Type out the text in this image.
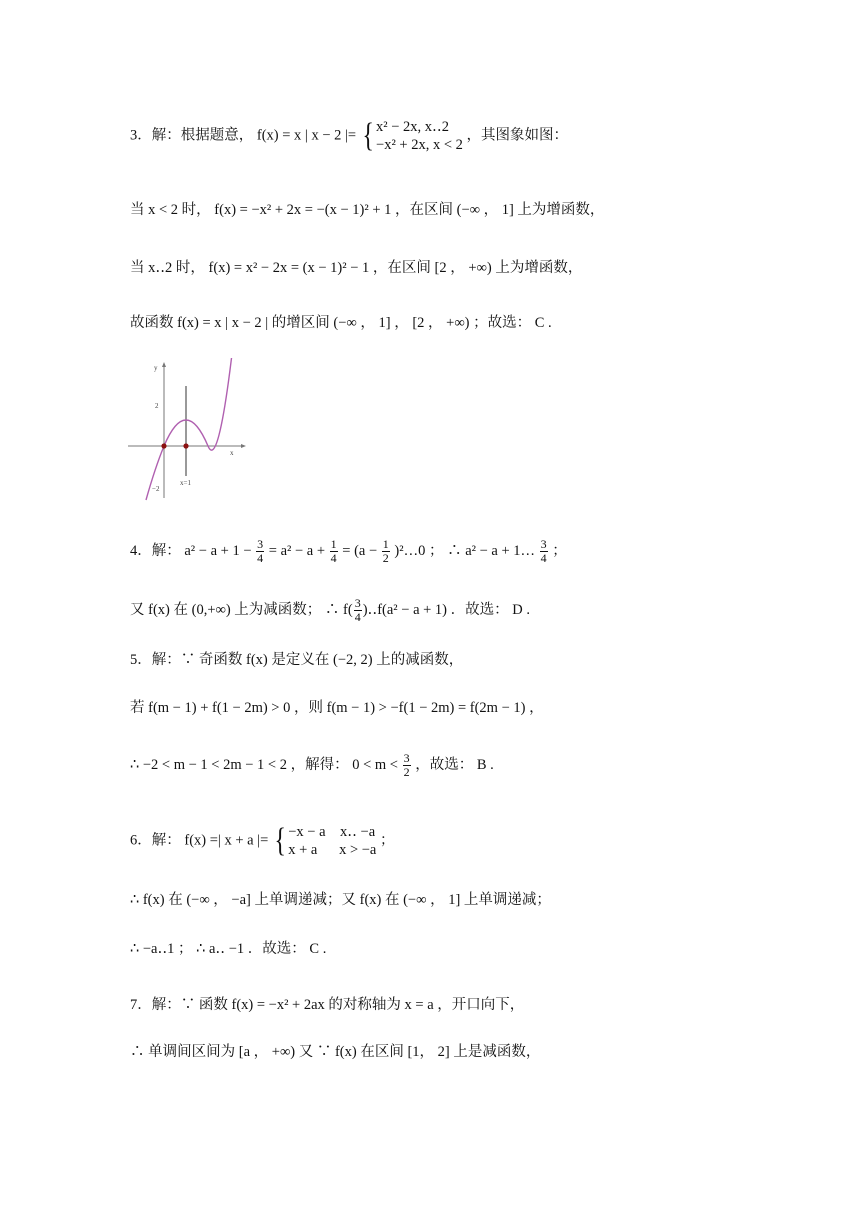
3．解：根据题意， f(x) = x | x − 2 |= { x² − 2x, x‥2
−x² + 2x, x < 2
，其图象如图：
当 x < 2 时， f(x) = −x² + 2x = −(x − 1)² + 1 ，在区间 (−∞ ， 1] 上为增函数，
当 x‥2 时， f(x) = x² − 2x = (x − 1)² − 1 ，在区间 [2 ， +∞) 上为增函数，
故函数 f(x) = x | x − 2 | 的增区间 (−∞ ， 1] ， [2 ， +∞) ；故选： C .
y
x
2
−2
x=1
4．解： $a^2 - a + 1 - \frac{3}{4} = a^2 - a + \frac{1}{4} = (a - \frac{1}{2}$ )²…0 ； ∴ a² − a + 1… $\frac{3}{4}$ ；
又 f(x) 在 (0,+∞) 上为减函数； ∴ $f( \frac{3}{4}$ )‥f(a² − a + 1) ．故选： D .
5．解：∵ 奇函数 f(x) 是定义在 (−2, 2) 上的减函数，
若 f(m − 1) + f(1 − 2m) > 0 ，则 f(m − 1) > −f(1 − 2m) = f(2m − 1) ，
∴ −2 < m − 1 < 2m − 1 < 2 ，解得： $0 < m < \frac{3}{2}$ ，故选： B .
6．解： f(x) =| x + a |= { −x − a    x‥ −a
x + a      x > −a
；
∴ f(x) 在 (−∞ ， −a] 上单调递减；又 f(x) 在 (−∞ ， 1] 上单调递减；
∴ −a‥1 ； ∴ a‥ −1 ．故选： C .
7．解：∵ 函数 f(x) = −x² + 2ax 的对称轴为 x = a ，开口向下，
∴ 单调间区间为 [a ， +∞) 又 ∵ f(x) 在区间 [1， 2] 上是减函数，
